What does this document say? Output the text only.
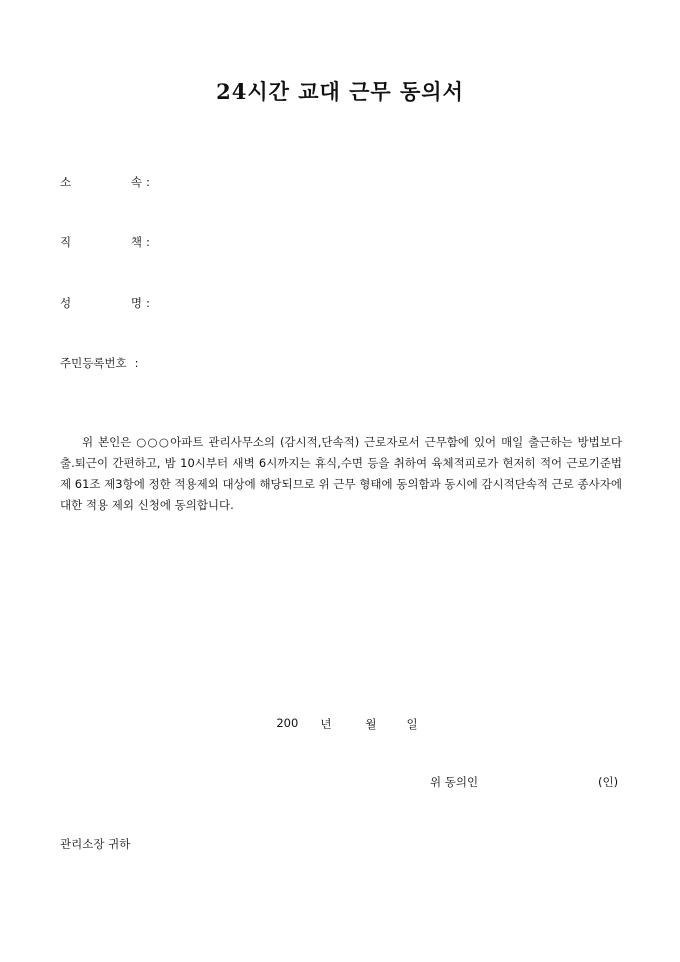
24시간 교대 근무 동의서
소	속 :
직	책 :
성	명 :
주민등록번호 :
위 본인은 ○○○아파트 관리사무소의 (감시적,단속적) 근로자로서 근무함에 있어 매일 출근하는 방법보다 출.퇴근이 간편하고, 밤 10시부터 새벽 6시까지는 휴식,수면 등을 취하여 육체적피로가 현저히 적어 근로기준법 제 61조 제3항에 정한 적용제외 대상에 해당되므로 위 근무 형태에 동의함과 동시에 감시적단속적 근로 종사자에 대한 적용 제외 신청에 동의합니다.
200 년	월	일
위 동의인	(인)
관리소장 귀하
